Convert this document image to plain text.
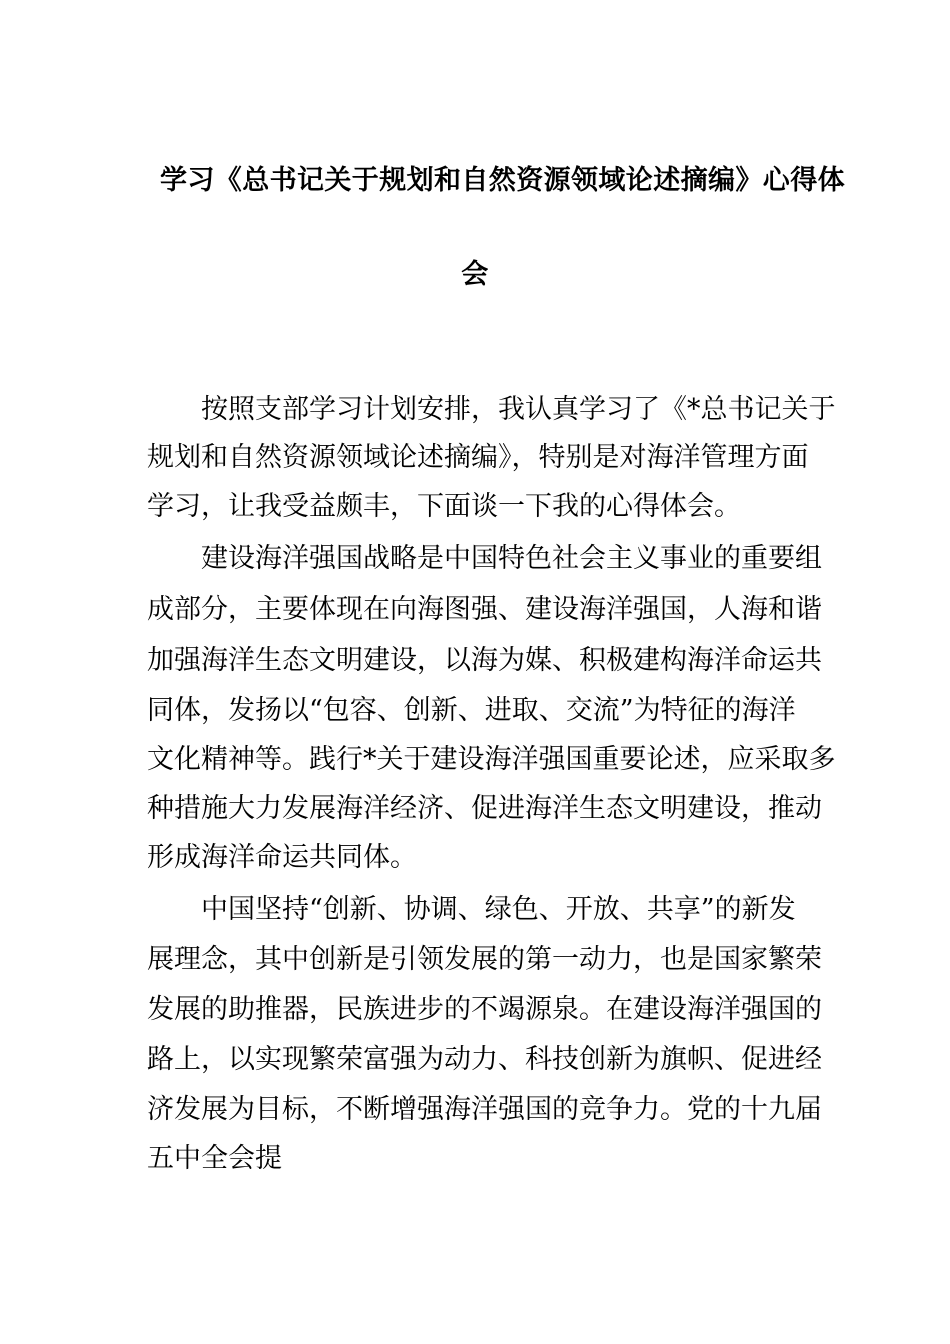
学习《总书记关于规划和自然资源领域论述摘编》心得体
会
　　按照支部学习计划安排，我认真学习了《*总书记关于
规划和自然资源领域论述摘编》，特别是对海洋管理方面
学习，让我受益颇丰，下面谈一下我的心得体会。
　　建设海洋强国战略是中国特色社会主义事业的重要组
成部分，主要体现在向海图强、建设海洋强国，人海和谐
加强海洋生态文明建设，以海为媒、积极建构海洋命运共
同体，发扬以“包容、创新、进取、交流”为特征的海洋
文化精神等。践行*关于建设海洋强国重要论述，应采取多
种措施大力发展海洋经济、促进海洋生态文明建设，推动
形成海洋命运共同体。
　　中国坚持“创新、协调、绿色、开放、共享”的新发
展理念，其中创新是引领发展的第一动力，也是国家繁荣
发展的助推器，民族进步的不竭源泉。在建设海洋强国的
路上，以实现繁荣富强为动力、科技创新为旗帜、促进经
济发展为目标，不断增强海洋强国的竞争力。党的十九届
五中全会提
